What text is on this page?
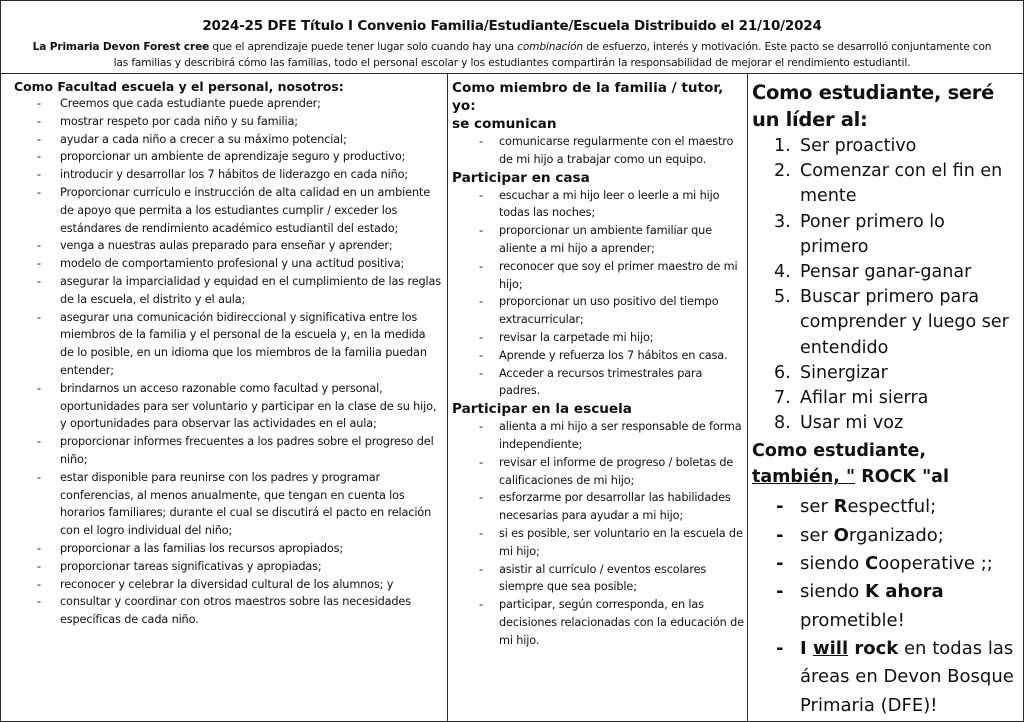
2024-25 DFE Título I Convenio Familia/Estudiante/Escuela Distribuido el 21/10/2024
La Primaria Devon Forest cree que el aprendizaje puede tener lugar solo cuando hay una combinación de esfuerzo, interés y motivación. Este pacto se desarrolló conjuntamente con las familias y describirá cómo las familias, todo el personal escolar y los estudiantes compartirán la responsabilidad de mejorar el rendimiento estudiantil.
Como Facultad escuela y el personal, nosotros:
- Creemos que cada estudiante puede aprender;
- mostrar respeto por cada niño y su familia;
- ayudar a cada niño a crecer a su máximo potencial;
- proporcionar un ambiente de aprendizaje seguro y productivo;
- introducir y desarrollar los 7 hábitos de liderazgo en cada niño;
- Proporcionar currículo e instrucción de alta calidad en un ambiente de apoyo que permita a los estudiantes cumplir / exceder los estándares de rendimiento académico estudiantil del estado;
- venga a nuestras aulas preparado para enseñar y aprender;
- modelo de comportamiento profesional y una actitud positiva;
- asegurar la imparcialidad y equidad en el cumplimiento de las reglas de la escuela, el distrito y el aula;
- asegurar una comunicación bidireccional y significativa entre los miembros de la familia y el personal de la escuela y, en la medida de lo posible, en un idioma que los miembros de la familia puedan entender;
- brindarnos un acceso razonable como facultad y personal, oportunidades para ser voluntario y participar en la clase de su hijo, y oportunidades para observar las actividades en el aula;
- proporcionar informes frecuentes a los padres sobre el progreso del niño;
- estar disponible para reunirse con los padres y programar conferencias, al menos anualmente, que tengan en cuenta los horarios familiares; durante el cual se discutirá el pacto en relación con el logro individual del niño;
- proporcionar a las familias los recursos apropiados;
- proporcionar tareas significativas y apropiadas;
- reconocer y celebrar la diversidad cultural de los alumnos; y
- consultar y coordinar con otros maestros sobre las necesidades específicas de cada niño.
Como miembro de la familia / tutor, yo:
se comunican
- comunicarse regularmente con el maestro de mi hijo a trabajar como un equipo.
Participar en casa
- escuchar a mi hijo leer o leerle a mi hijo todas las noches;
- proporcionar un ambiente familiar que aliente a mi hijo a aprender;
- reconocer que soy el primer maestro de mi hijo;
- proporcionar un uso positivo del tiempo extracurricular;
- revisar la carpetade mi hijo;
- Aprende y refuerza los 7 hábitos en casa.
- Acceder a recursos trimestrales para padres.
Participar en la escuela
- alienta a mi hijo a ser responsable de forma independiente;
- revisar el informe de progreso / boletas de calificaciones de mi hijo;
- esforzarme por desarrollar las habilidades necesarias para ayudar a mi hijo;
- si es posible, ser voluntario en la escuela de mi hijo;
- asistir al currículo / eventos escolares siempre que sea posible;
- participar, según corresponda, en las decisiones relacionadas con la educación de mi hijo.
Como estudiante, seré un líder al:
1. Ser proactivo
2. Comenzar con el fin en mente
3. Poner primero lo primero
4. Pensar ganar-ganar
5. Buscar primero para comprender y luego ser entendido
6. Sinergizar
7. Afilar mi sierra
8. Usar mi voz
Como estudiante, también, " ROCK "al
- ser Respectful;
- ser Organizado;
- siendo Cooperative ;;
- siendo K ahora prometible!
- I will rock en todas las áreas en Devon Bosque Primaria (DFE)!
